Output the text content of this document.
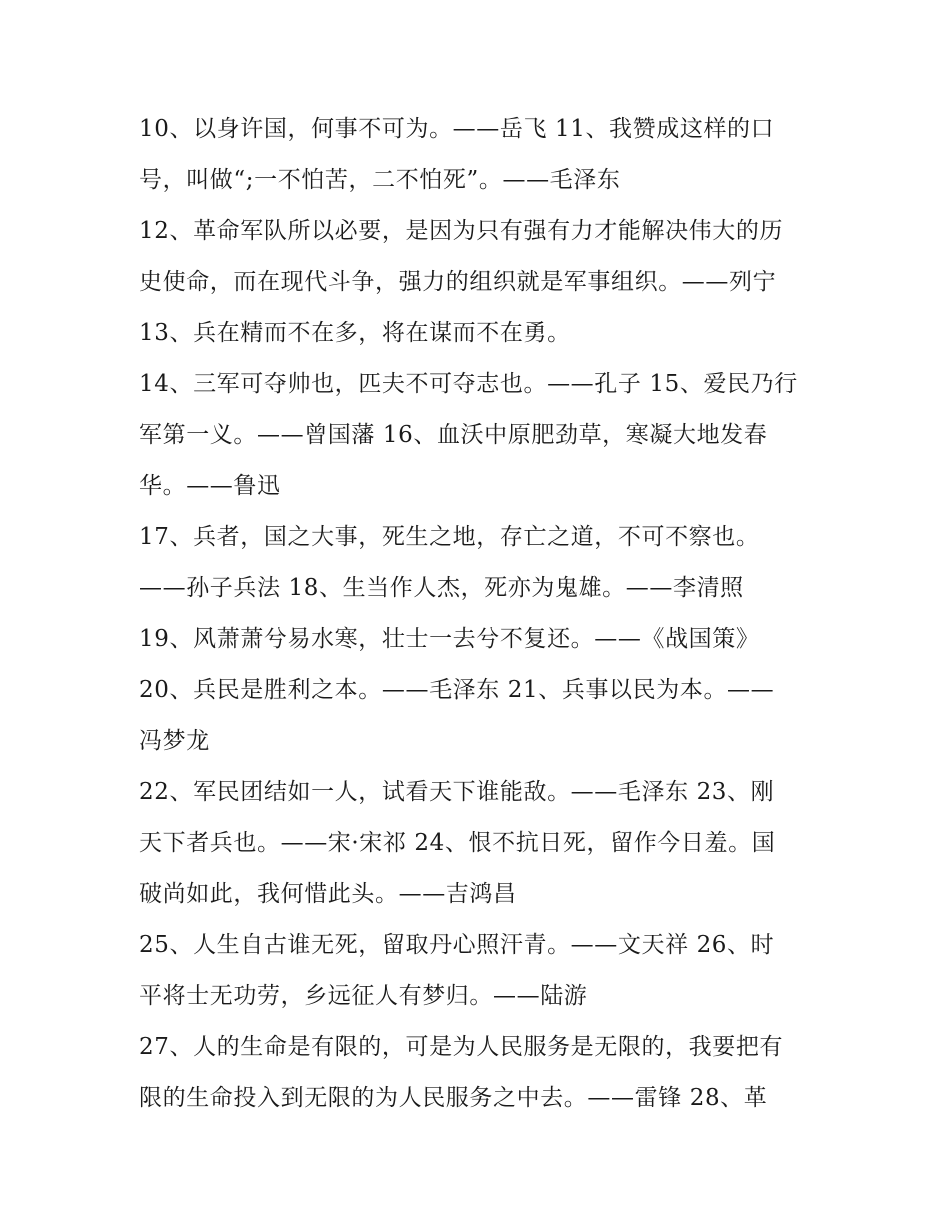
10、以身许国，何事不可为。——岳飞 11、我赞成这样的口
号，叫做“;一不怕苦，二不怕死”。——毛泽东
12、革命军队所以必要，是因为只有强有力才能解决伟大的历
史使命，而在现代斗争，强力的组织就是军事组织。——列宁
13、兵在精而不在多，将在谋而不在勇。
14、三军可夺帅也，匹夫不可夺志也。——孔子 15、爱民乃行
军第一义。——曾国藩 16、血沃中原肥劲草，寒凝大地发春
华。——鲁迅
17、兵者，国之大事，死生之地，存亡之道，不可不察也。
——孙子兵法 18、生当作人杰，死亦为鬼雄。——李清照
19、风萧萧兮易水寒，壮士一去兮不复还。——《战国策》
20、兵民是胜利之本。——毛泽东 21、兵事以民为本。——
冯梦龙
22、军民团结如一人，试看天下谁能敌。——毛泽东 23、刚
天下者兵也。——宋·宋祁 24、恨不抗日死，留作今日羞。国
破尚如此，我何惜此头。——吉鸿昌
25、人生自古谁无死，留取丹心照汗青。——文天祥 26、时
平将士无功劳，乡远征人有梦归。——陆游
27、人的生命是有限的，可是为人民服务是无限的，我要把有
限的生命投入到无限的为人民服务之中去。——雷锋 28、革
